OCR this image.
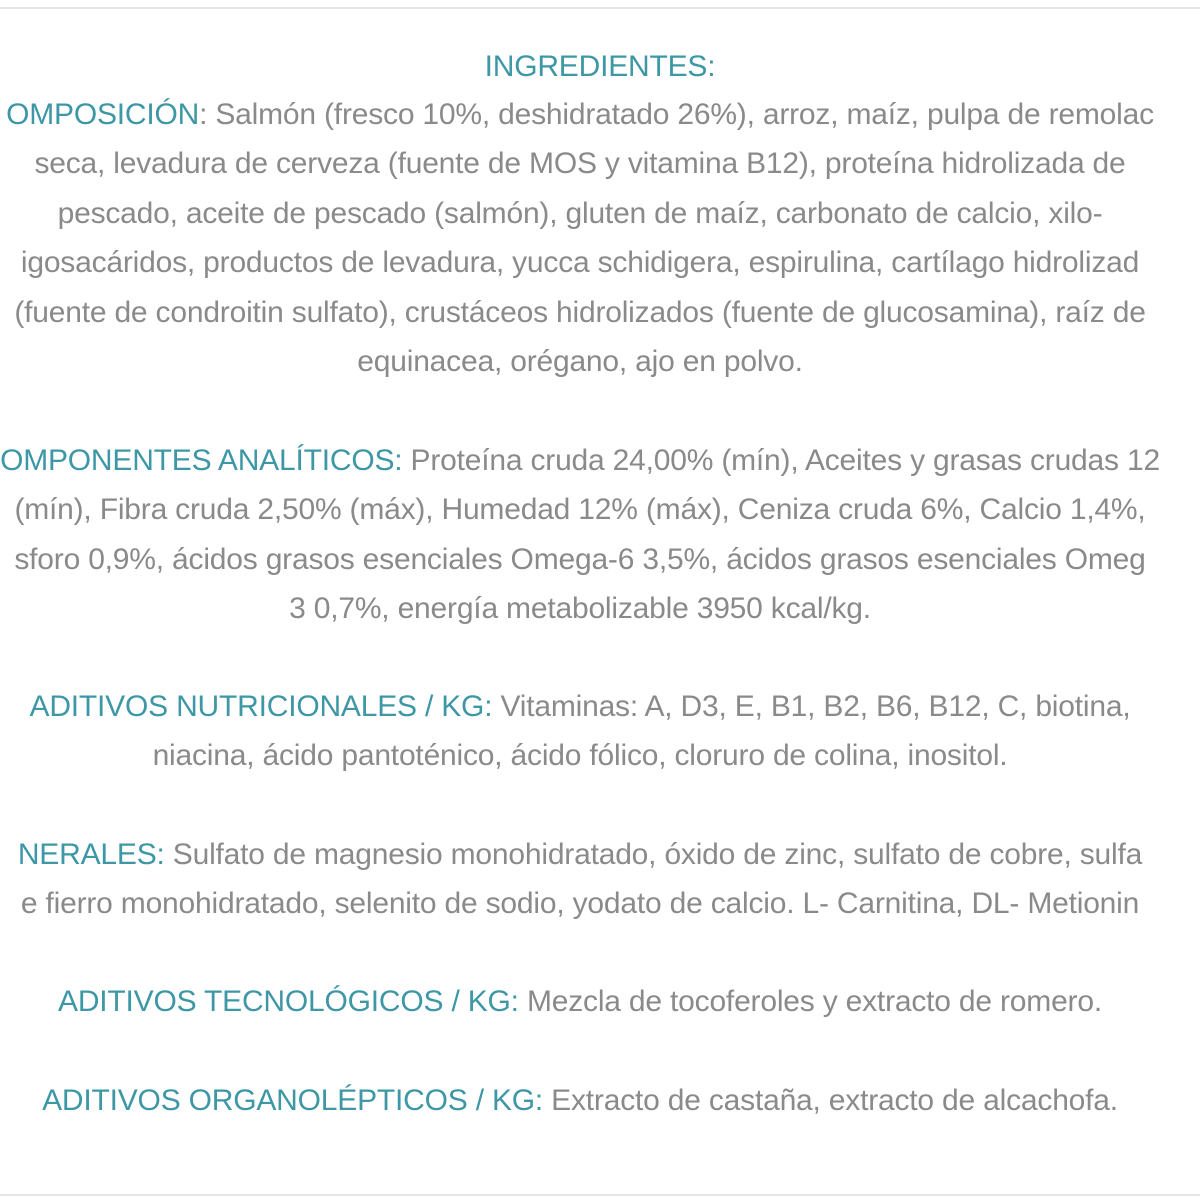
INGREDIENTES:
OMPOSICIÓN: Salmón (fresco 10%, deshidratado 26%), arroz, maíz, pulpa de remolac
seca, levadura de cerveza (fuente de MOS y vitamina B12), proteína hidrolizada de
pescado, aceite de pescado (salmón), gluten de maíz, carbonato de calcio, xilo-
igosacáridos, productos de levadura, yucca schidigera, espirulina, cartílago hidrolizad
(fuente de condroitin sulfato), crustáceos hidrolizados (fuente de glucosamina), raíz de
equinacea, orégano, ajo en polvo.
OMPONENTES ANALÍTICOS: Proteína cruda 24,00% (mín), Aceites y grasas crudas 12
(mín), Fibra cruda 2,50% (máx), Humedad 12% (máx), Ceniza cruda 6%, Calcio 1,4%,
sforo 0,9%, ácidos grasos esenciales Omega-6 3,5%, ácidos grasos esenciales Omeg
3 0,7%, energía metabolizable 3950 kcal/kg.
ADITIVOS NUTRICIONALES / KG: Vitaminas: A, D3, E, B1, B2, B6, B12, C, biotina,
niacina, ácido pantoténico, ácido fólico, cloruro de colina, inositol.
NERALES: Sulfato de magnesio monohidratado, óxido de zinc, sulfato de cobre, sulfa
e fierro monohidratado, selenito de sodio, yodato de calcio. L- Carnitina, DL- Metionin
ADITIVOS TECNOLÓGICOS / KG: Mezcla de tocoferoles y extracto de romero.
ADITIVOS ORGANOLÉPTICOS / KG: Extracto de castaña, extracto de alcachofa.
